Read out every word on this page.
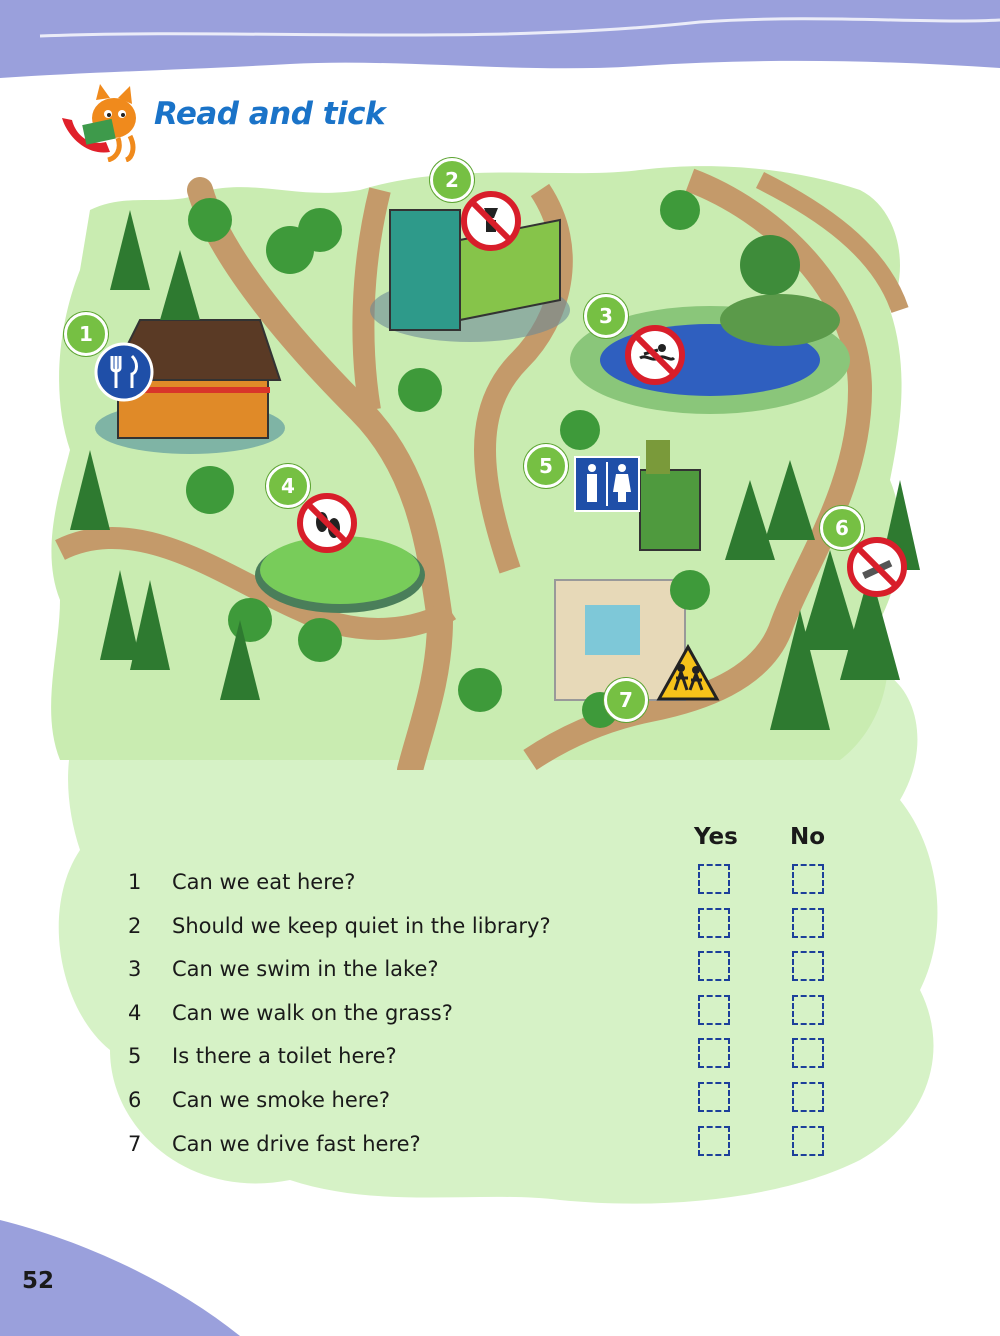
Read and tick
1
2
3
4
5
6
7
Yes No
1	Can we eat here?
2	Should we keep quiet in the library?
3	Can we swim in the lake?
4	Can we walk on the grass?
5	Is there a toilet here?
6	Can we smoke here?
7	Can we drive fast here?
52
